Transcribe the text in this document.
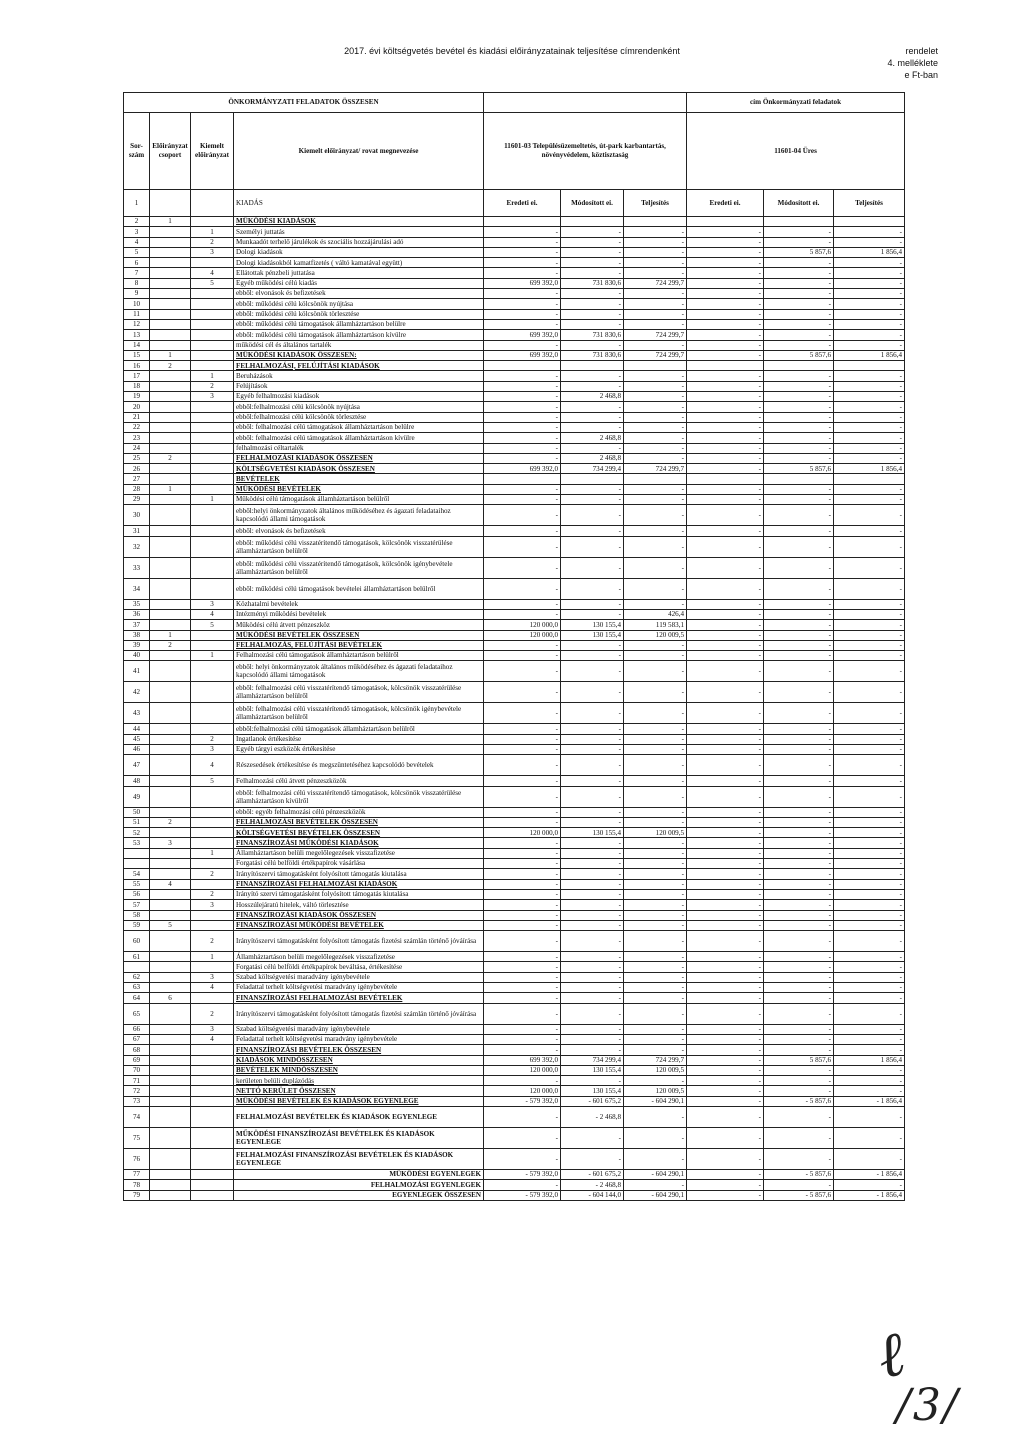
2017. évi költségvetés bevétel és kiadási előirányzatainak teljesítése címrendenként	rendelet
4. melléklete
e Ft-ban
ÖNKORMÁNYZATI FELADATOK ÖSSZESEN							cím Önkormányzati feladatok		
Sor-szám	Előirányzat csoport	Kiemelt előirányzat	Kiemelt előirányzat/ rovat megnevezése	11601-03 Településüzemeltetés, út-park karbantartás, növényvédelem, köztisztaság			11601-04 Üres		
1			KIADÁS	Eredeti ei.	Módosított ei.	Teljesítés	Eredeti ei.	Módosított ei.	Teljesítés
2	1		MŰKÖDÉSI KIADÁSOK						
3		1	Személyi juttatás	-	-	-	-	-	-
4		2	Munkaadót terhelő járulékok és szociális hozzájárulási adó	-	-	-	-	-	-
5		3	Dologi kiadások	-	-	-	-	5 857,6	1 856,4
6			Dologi kiadásokból kamatfizetés ( váltó kamatával együtt)	-	-	-	-	-	-
7		4	Ellátottak pénzbeli juttatása	-	-	-	-	-	-
8		5	Egyéb működési célú kiadás	699 392,0	731 830,6	724 299,7	-	-	-
9			ebből: elvonások és befizetések	-	-	-	-	-	-
10			ebből: működési célú kölcsönök nyújtása	-	-	-	-	-	-
11			ebből: működési célú kölcsönök törlesztése	-	-	-	-	-	-
12			ebből: működési célú támogatások államháztartáson belülre	-	-	-	-	-	-
13			ebből: működési célú támogatások államháztartáson kívülre	699 392,0	731 830,6	724 299,7	-	-	-
14			működési cél és általános tartalék	-	-	-	-	-	-
15	1		MŰKÖDÉSI KIADÁSOK ÖSSZESEN:	699 392,0	731 830,6	724 299,7	-	5 857,6	1 856,4
16	2		FELHALMOZÁSI, FELÚJÍTÁSI KIADÁSOK						
17		1	Beruházások	-	-	-	-	-	-
18		2	Felújítások	-	-	-	-	-	-
19		3	Egyéb felhalmozási kiadások	-	2 468,8	-	-	-	-
20			ebből:felhalmozási célú kölcsönök nyújtása	-	-	-	-	-	-
21			ebből:felhalmozási célú kölcsönök törlesztése	-	-	-	-	-	-
22			ebből: felhalmozási célú támogatások államháztartáson belülre	-	-	-	-	-	-
23			ebből: felhalmozási célú támogatások államháztartáson kívülre	-	2 468,8	-	-	-	-
24			felhalmozási céltartalék	-	-	-	-	-	-
25	2		FELHALMOZÁSI KIADÁSOK ÖSSZESEN	-	2 468,8	-	-	-	-
26			KÖLTSÉGVETÉSI KIADÁSOK ÖSSZESEN	699 392,0	734 299,4	724 299,7	-	5 857,6	1 856,4
27			BEVÉTELEK						
28	1		MŰKÖDÉSI BEVÉTELEK	-	-	-	-	-	-
29		1	Működési célú támogatások államháztartáson belülről	-	-	-	-	-	-
30			ebből:helyi önkormányzatok általános működéséhez és ágazati feladataihoz kapcsolódó állami támogatások	-	-	-	-	-	-
31			ebből: elvonások és befizetések	-	-	-	-	-	-
32			ebből: működési célú visszatérítendő támogatások, kölcsönök visszatérülése államháztartáson belülről	-	-	-	-	-	-
33			ebből: működési célú visszatérítendő támogatások, kölcsönök igénybevétele államháztartáson belülről	-	-	-	-	-	-
34			ebből: működési célú támogatások bevételei államháztartáson belülről	-	-	-	-	-	-
35		3	Közhatalmi bevételek	-	-	-	-	-	-
36		4	Intézményi működési bevételek	-	-	426,4	-	-	-
37		5	Működési célú átvett pénzeszköz	120 000,0	130 155,4	119 583,1	-	-	-
38	1		MŰKÖDÉSI BEVÉTELEK ÖSSZESEN	120 000,0	130 155,4	120 009,5	-	-	-
39	2		FELHALMOZÁS, FELÚJÍTÁSI BEVÉTELEK	-	-	-	-	-	-
40		1	Felhalmozási célú támogatások államháztartáson belülről	-	-	-	-	-	-
41			ebből: helyi önkormányzatok általános működéséhez és ágazati feladataihoz kapcsolódó állami támogatások	-	-	-	-	-	-
42			ebből: felhalmozási célú visszatérítendő támogatások, kölcsönök visszatérülése államháztartáson belülről	-	-	-	-	-	-
43			ebből: felhalmozási célú visszatérítendő támogatások, kölcsönök igénybevétele államháztartáson belülről	-	-	-	-	-	-
44			ebből:felhalmozási célú támogatások államháztartáson belülről	-	-	-	-	-	-
45		2	Ingatlanok értékesítése	-	-	-	-	-	-
46		3	Egyéb tárgyi eszközök értékesítése	-	-	-	-	-	-
47		4	Részesedések értékesítése és megszüntetéséhez kapcsolódó bevételek	-	-	-	-	-	-
48		5	Felhalmozási célú átvett pénzeszközök	-	-	-	-	-	-
49			ebből: felhalmozási célú visszatérítendő támogatások, kölcsönök visszatérülése államháztartáson kívülről	-	-	-	-	-	-
50			ebből: egyéb felhalmozási célú pénzeszközök	-	-	-	-	-	-
51	2		FELHALMOZÁSI BEVÉTELEK ÖSSZESEN	-	-	-	-	-	-
52			KÖLTSÉGVETÉSI BEVÉTELEK ÖSSZESEN	120 000,0	130 155,4	120 009,5	-	-	-
53	3		FINANSZÍROZÁSI MŰKÖDÉSI KIADÁSOK	-	-	-	-	-	-
		1	Államháztartáson belüli megelőlegezések visszafizetése	-	-	-	-	-	-
			Forgatási célú belföldi értékpapírok vásárlása	-	-	-	-	-	-
54		2	Irányítószervi támogatásként folyósított támogatás kiutalása	-	-	-	-	-	-
55	4		FINANSZÍROZÁSI FELHALMOZÁSI KIADÁSOK	-	-	-	-	-	-
56		2	Irányító szervi támogatásként folyósított támogatás kiutalása	-	-	-	-	-	-
57		3	Hosszúlejáratú hitelek, váltó törlesztése	-	-	-	-	-	-
58			FINANSZÍROZÁSI KIADÁSOK ÖSSZESEN	-	-	-	-	-	-
59	5		FINANSZÍROZÁSI MŰKÖDÉSI BEVÉTELEK	-	-	-	-	-	-
60		2	Irányítószervi támogatásként folyósított támogatás fizetési számlán történő jóváírása	-	-	-	-	-	-
61		1	Államháztartáson belüli megelőlegezések visszafizetése	-	-	-	-	-	-
			Forgatási célú belföldi értékpapírok beváltása, értékesítése	-	-	-	-	-	-
62		3	Szabad költségvetési maradvány igénybevétele	-	-	-	-	-	-
63		4	Feladattal terhelt költségvetési maradvány igénybevétele	-	-	-	-	-	-
64	6		FINANSZÍROZÁSI FELHALMOZÁSI BEVÉTELEK	-	-	-	-	-	-
65		2	Irányítószervi támogatásként folyósított támogatás fizetési számlán történő jóváírása	-	-	-	-	-	-
66		3	Szabad költségvetési maradvány igénybevétele	-	-	-	-	-	-
67		4	Feladattal terhelt költségvetési maradvány igénybevétele	-	-	-	-	-	-
68			FINANSZÍROZÁSI BEVÉTELEK ÖSSZESEN	-	-	-	-	-	-
69			KIADÁSOK MINDÖSSZESEN	699 392,0	734 299,4	724 299,7	-	5 857,6	1 856,4
70			BEVÉTELEK MINDÖSSZESEN	120 000,0	130 155,4	120 009,5	-	-	-
71			kerületen belüli duplázódás	-	-	-	-	-	-
72			NETTÓ KERÜLET ÖSSZESEN	120 000,0	130 155,4	120 009,5	-	-	-
73			MŰKÖDÉSI BEVÉTELEK ÉS KIADÁSOK EGYENLEGE	- 579 392,0	- 601 675,2	- 604 290,1	-	- 5 857,6	- 1 856,4
74			FELHALMOZÁSI BEVÉTELEK ÉS KIADÁSOK EGYENLEGE	-	- 2 468,8	-	-	-	-
75			MŰKÖDÉSI FINANSZÍROZÁSI BEVÉTELEK ÉS KIADÁSOK EGYENLEGE	-	-	-	-	-	-
76			FELHALMOZÁSI FINANSZÍROZÁSI BEVÉTELEK ÉS KIADÁSOK EGYENLEGE	-	-	-	-	-	-
77			MŰKÖDÉSI EGYENLEGEK	- 579 392,0	- 601 675,2	- 604 290,1	-	- 5 857,6	- 1 856,4
78			FELHALMOZÁSI EGYENLEGEK	-	- 2 468,8	-	-	-	-
79			EGYENLEGEK ÖSSZESEN	- 579 392,0	- 604 144,0	- 604 290,1	-	- 5 857,6	- 1 856,4
ℓ
/3/
